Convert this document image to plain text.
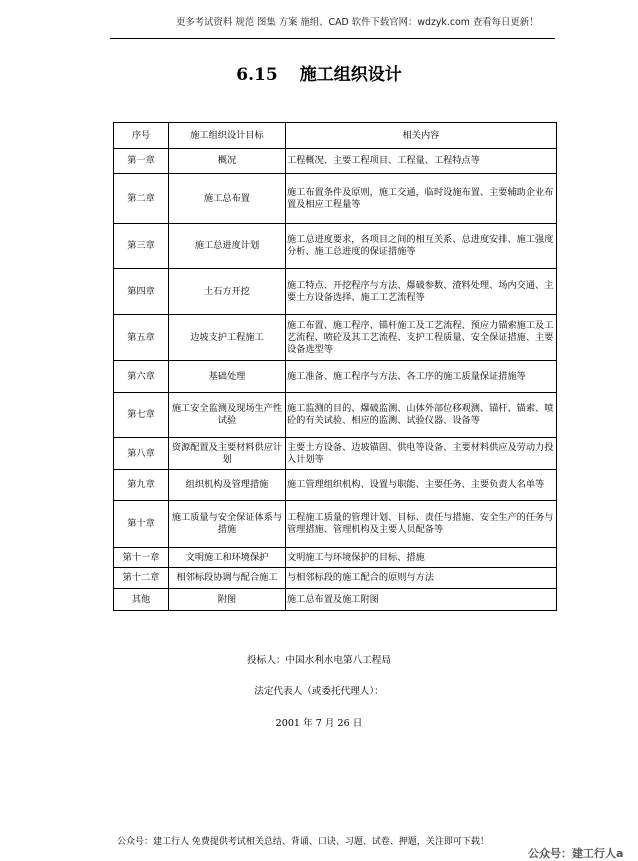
更多考试资料 规范 图集 方案 施组、CAD 软件下载官网：wdzyk.com 查看每日更新！
6.15 施工组织设计
序号	施工组织设计目标	相关内容
第一章	概况	工程概况、主要工程项目、工程量、工程特点等
第二章	施工总布置	施工布置条件及原则，施工交通，临时设施布置、主要辅助企业布置及相应工程量等
第三章	施工总进度计划	施工总进度要求，各项目之间的相互关系、总进度安排、施工强度分析、施工总进度的保证措施等
第四章	土石方开挖	施工特点、开挖程序与方法、爆破参数、渣料处理、场内交通、主要土方设备选择、施工工艺流程等
第五章	边坡支护工程施工	施工布置、施工程序、锚杆施工及工艺流程、预应力锚索施工及工艺流程、喷砼及其工艺流程、支护工程质量、安全保证措施、主要设备选型等
第六章	基础处理	施工准备、施工程序与方法、各工序的施工质量保证措施等
第七章	施工安全监测及现场生产性试验	施工监测的目的、爆破监测、山体外部位移观测、锚杆、锚索、喷砼的有关试验、相应的监测、试验仪器、设备等
第八章	资源配置及主要材料供应计划	主要土方设备、边坡锚固、供电等设备、主要材料供应及劳动力投入计划等
第九章	组织机构及管理措施	施工管理组织机构、设置与职能、主要任务、主要负责人名单等
第十章	施工质量与安全保证体系与措施	工程施工质量的管理计划、目标、责任与措施、安全生产的任务与管理措施、管理机构及主要人员配备等
第十一章	文明施工和环境保护	文明施工与环境保护的目标、措施
第十二章	相邻标段协调与配合施工	与相邻标段的施工配合的原则与方法
其他	附图	施工总布置及施工附图
投标人：中国水利水电第八工程局
法定代表人（或委托代理人）：
2001 年 7 月 26 日
公众号：建工行人 免费提供考试相关总结、背诵、口诀、习题、试卷、押题，关注即可下载！
公众号：建工行人a
